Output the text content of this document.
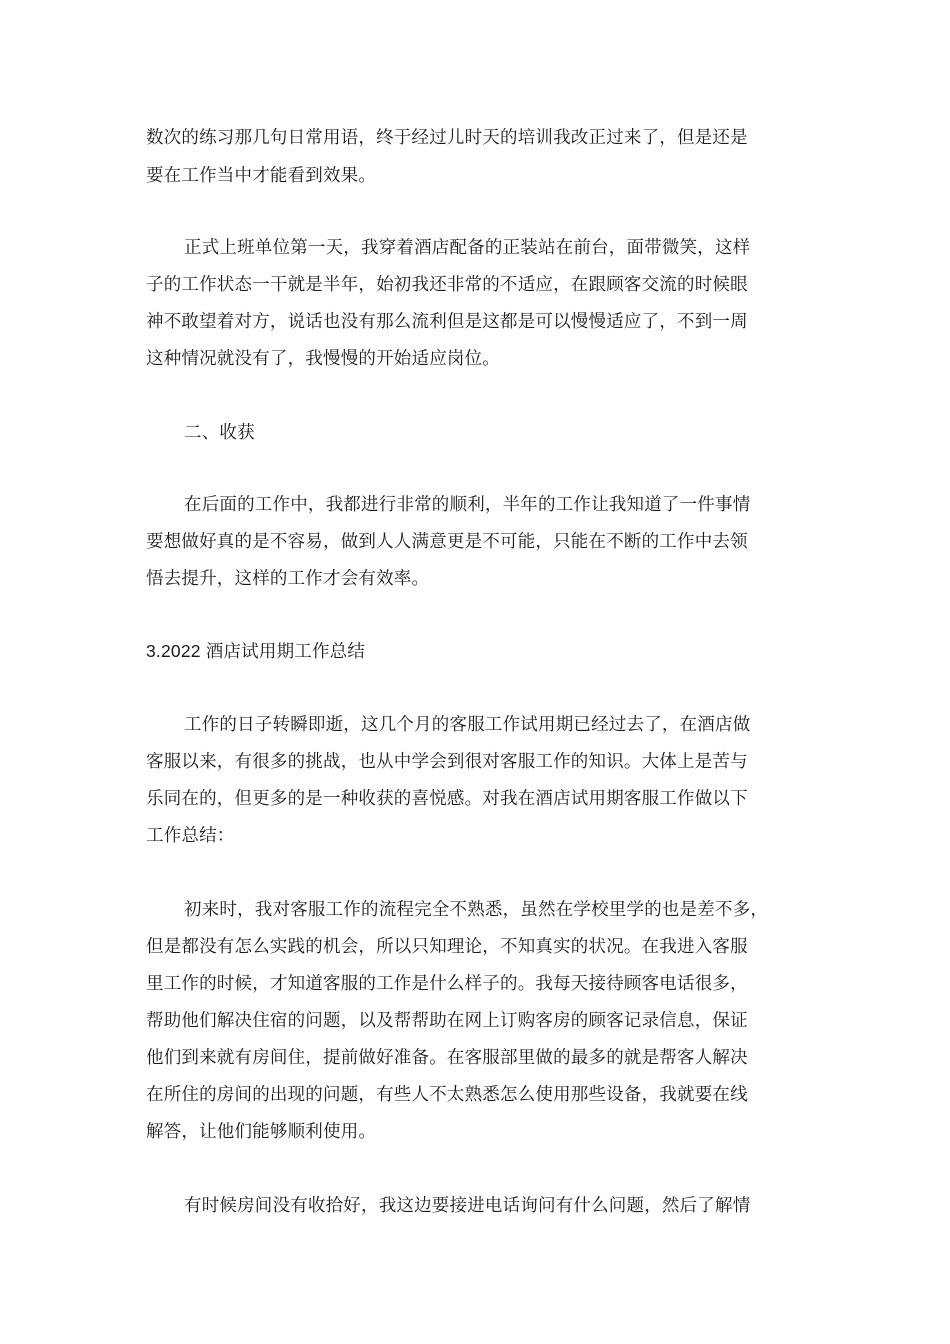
数次的练习那几句日常用语，终于经过儿时天的培训我改正过来了，但是还是
要在工作当中才能看到效果。
正式上班单位第一天，我穿着酒店配备的正装站在前台，面带微笑，这样
子的工作状态一干就是半年，始初我还非常的不适应，在跟顾客交流的时候眼
神不敢望着对方，说话也没有那么流利但是这都是可以慢慢适应了，不到一周
这种情况就没有了，我慢慢的开始适应岗位。
二、收获
在后面的工作中，我都进行非常的顺利，半年的工作让我知道了一件事情
要想做好真的是不容易，做到人人满意更是不可能，只能在不断的工作中去领
悟去提升，这样的工作才会有效率。
3.2022 酒店试用期工作总结
工作的日子转瞬即逝，这几个月的客服工作试用期已经过去了，在酒店做
客服以来，有很多的挑战，也从中学会到很对客服工作的知识。大体上是苦与
乐同在的，但更多的是一种收获的喜悦感。对我在酒店试用期客服工作做以下
工作总结：
初来时，我对客服工作的流程完全不熟悉，虽然在学校里学的也是差不多，
但是都没有怎么实践的机会，所以只知理论，不知真实的状况。在我进入客服
里工作的时候，才知道客服的工作是什么样子的。我每天接待顾客电话很多，
帮助他们解决住宿的问题，以及帮帮助在网上订购客房的顾客记录信息，保证
他们到来就有房间住，提前做好准备。在客服部里做的最多的就是帮客人解决
在所住的房间的出现的问题，有些人不太熟悉怎么使用那些设备，我就要在线
解答，让他们能够顺利使用。
有时候房间没有收拾好，我这边要接进电话询问有什么问题，然后了解情
